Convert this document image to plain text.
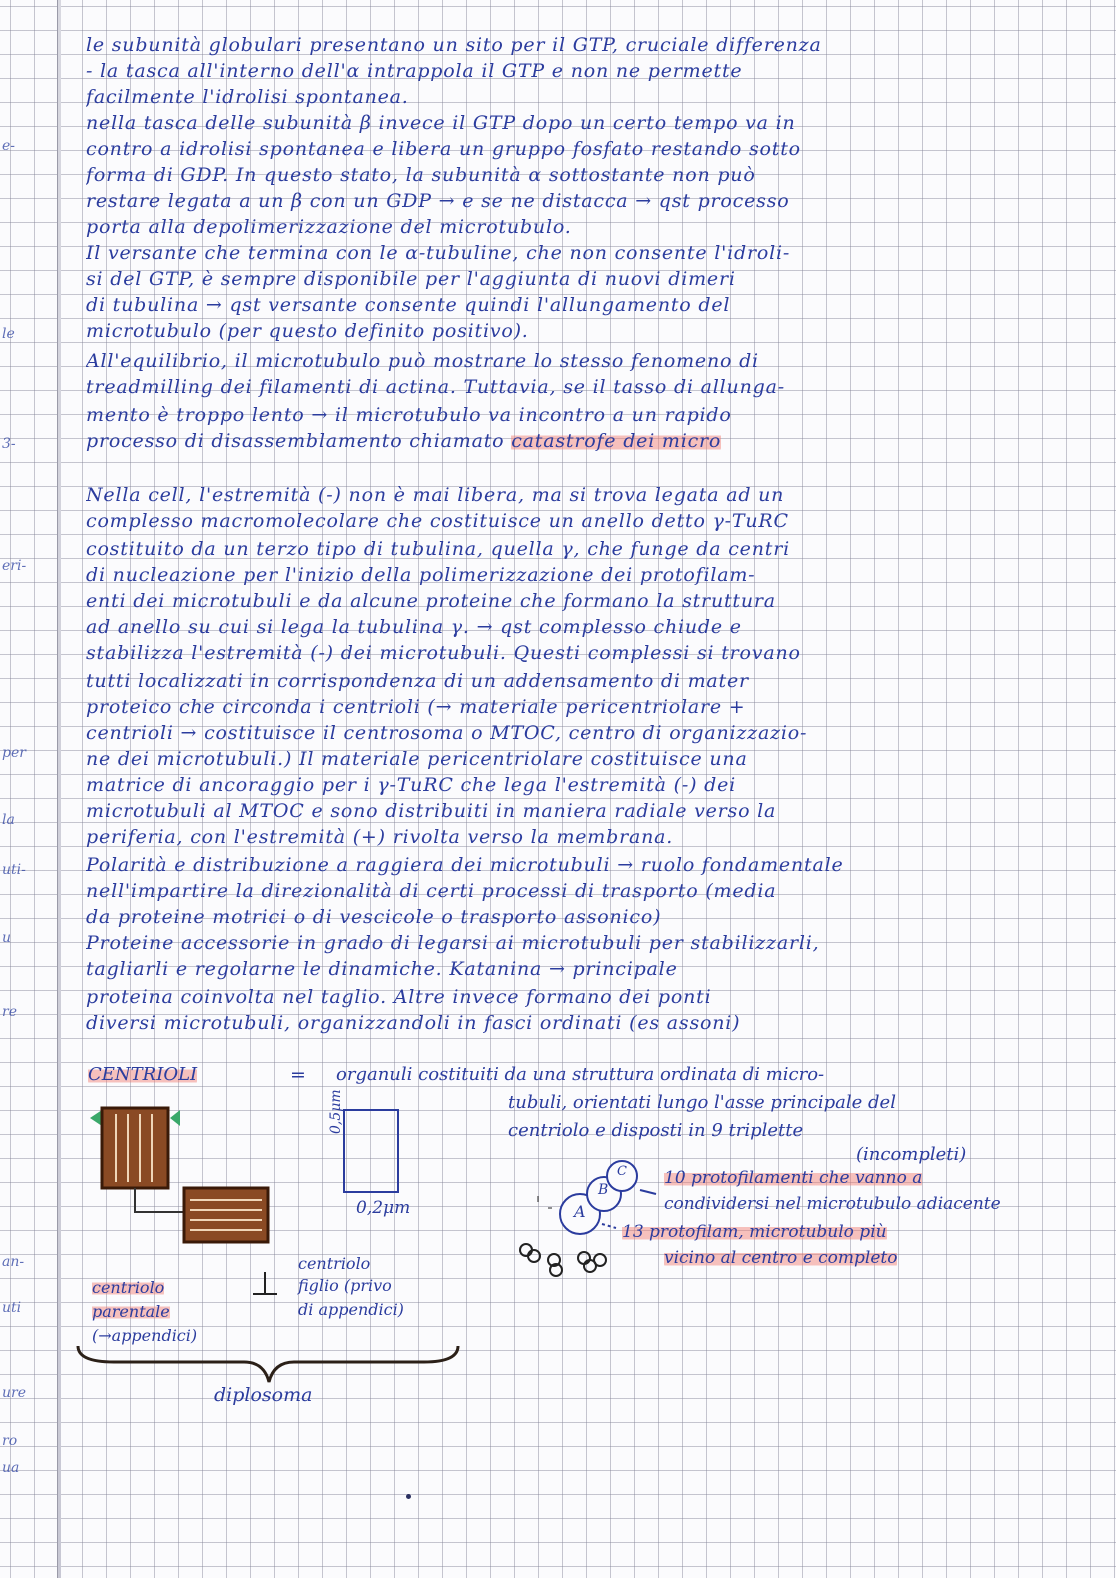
e-
le
3-
eri-
per
la
uti-
u
re
an-
uti
ure
ro
ua
le subunità globulari presentano un sito per il GTP, cruciale differenza
- la tasca all'interno dell'α intrappola il GTP e non ne permette
facilmente l'idrolisi spontanea.
nella tasca delle subunità β invece il GTP dopo un certo tempo va in
contro a idrolisi spontanea e libera un gruppo fosfato restando sotto
forma di GDP. In questo stato, la subunità α sottostante non può
restare legata a un β con un GDP → e se ne distacca → qst processo
porta alla depolimerizzazione del microtubulo.
Il versante che termina con le α-tubuline, che non consente l'idroli-
si del GTP, è sempre disponibile per l'aggiunta di nuovi dimeri
di tubulina → qst versante consente quindi l'allungamento del
microtubulo (per questo definito positivo).
All'equilibrio, il microtubulo può mostrare lo stesso fenomeno di
treadmilling dei filamenti di actina. Tuttavia, se il tasso di allunga-
mento è troppo lento → il microtubulo va incontro a un rapido
processo di disassemblamento chiamato catastrofe dei micro
Nella cell, l'estremità (-) non è mai libera, ma si trova legata ad un
complesso macromolecolare che costituisce un anello detto γ-TuRC
costituito da un terzo tipo di tubulina, quella γ, che funge da centri
di nucleazione per l'inizio della polimerizzazione dei protofilam-
enti dei microtubuli e da alcune proteine che formano la struttura
ad anello su cui si lega la tubulina γ. → qst complesso chiude e
stabilizza l'estremità (-) dei microtubuli. Questi complessi si trovano
tutti localizzati in corrispondenza di un addensamento di mater
proteico che circonda i centrioli (→ materiale pericentriolare +
centrioli → costituisce il centrosoma o MTOC, centro di organizzazio-
ne dei microtubuli.) Il materiale pericentriolare costituisce una
matrice di ancoraggio per i γ-TuRC che lega l'estremità (-) dei
microtubuli al MTOC e sono distribuiti in maniera radiale verso la
periferia, con l'estremità (+) rivolta verso la membrana.
Polarità e distribuzione a raggiera dei microtubuli → ruolo fondamentale
nell'impartire la direzionalità di certi processi di trasporto (media
da proteine motrici o di vescicole o trasporto assonico)
Proteine accessorie in grado di legarsi ai microtubuli per stabilizzarli,
tagliarli e regolarne le dinamiche. Katanina → principale
proteina coinvolta nel taglio. Altre invece formano dei ponti
diversi microtubuli, organizzandoli in fasci ordinati (es assoni)
CENTRIOLI	= organuli costituiti da una struttura ordinata di micro-
tubuli, orientati lungo l'asse principale del
centriolo e disposti in 9 triplette
(incompleti)
0,5μm
0,2μm
centriolo
figlio (privo
di appendici)
centriolo
parentale
(→appendici)
diplosoma
A
B
C 10 protofilamenti che vanno a
condividersi nel microtubulo adiacente
13 protofilam, microtubulo più
vicino al centro e completo
